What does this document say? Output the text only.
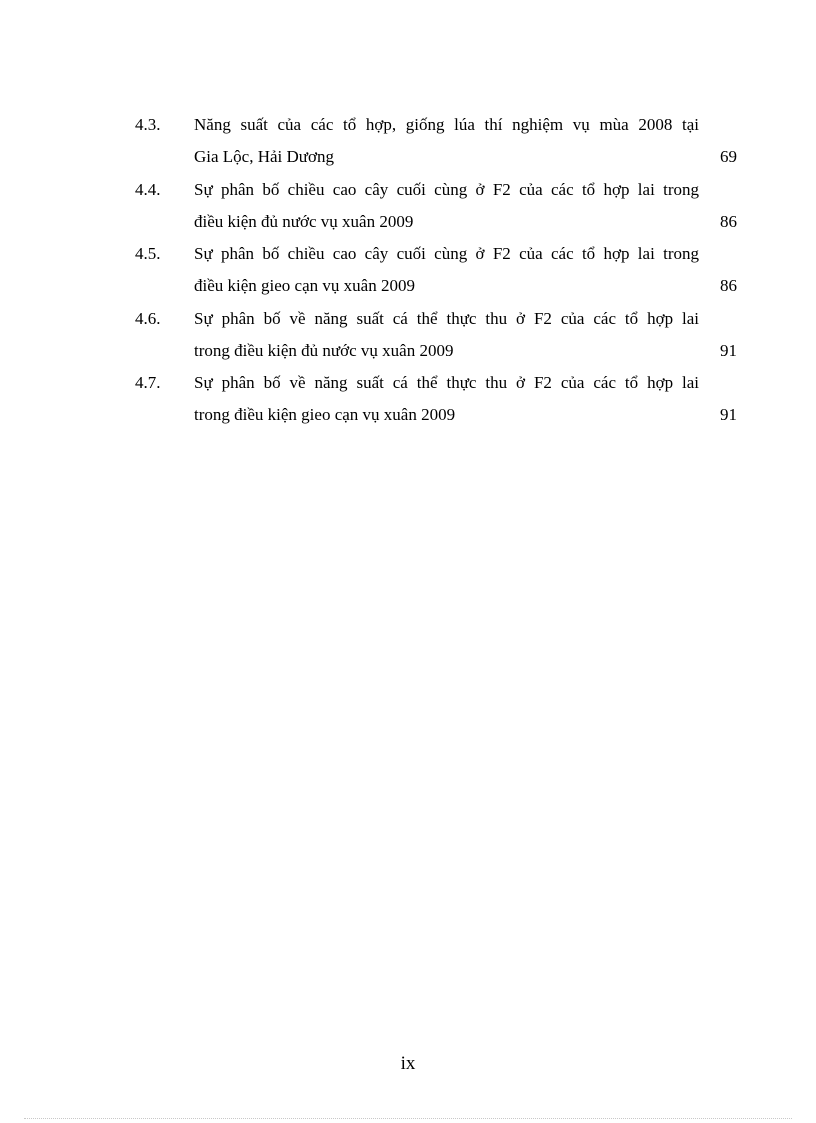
4.3. Năng suất của các tổ hợp, giống lúa thí nghiệm vụ mùa 2008 tại
Gia Lộc, Hải Dương	69
4.4. Sự phân bố chiều cao cây cuối cùng ở F2 của các tổ hợp lai trong
điều kiện đủ nước vụ xuân 2009	86
4.5. Sự phân bố chiều cao cây cuối cùng ở F2 của các tổ hợp lai trong
điều kiện gieo cạn vụ xuân 2009	86
4.6. Sự phân bố về năng suất cá thể thực thu ở F2 của các tổ hợp lai
trong điều kiện đủ nước vụ xuân 2009	91
4.7. Sự phân bố về năng suất cá thể thực thu ở F2 của các tổ hợp lai
trong điều kiện gieo cạn vụ xuân 2009	91
ix
